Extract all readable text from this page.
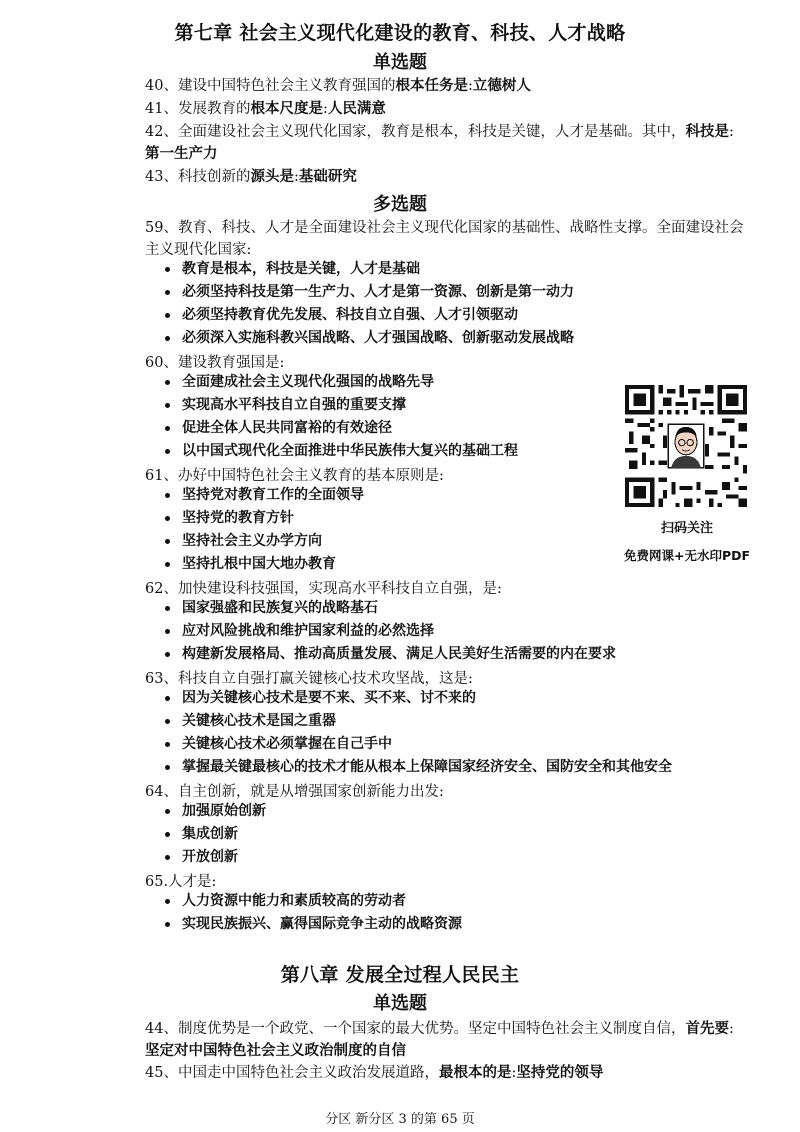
第七章 社会主义现代化建设的教育、科技、人才战略
单选题
40、建设中国特色社会主义教育强国的根本任务是:立德树人
41、发展教育的根本尺度是:人民满意
42、全面建设社会主义现代化国家，教育是根本，科技是关键，人才是基础。其中，科技是:
第一生产力
43、科技创新的源头是:基础研究
多选题
59、教育、科技、人才是全面建设社会主义现代化国家的基础性、战略性支撑。全面建设社会
主义现代化国家:
教育是根本，科技是关键，人才是基础
必须坚持科技是第一生产力、人才是第一资源、创新是第一动力
必须坚持教育优先发展、科技自立自强、人才引领驱动
必须深入实施科教兴国战略、人才强国战略、创新驱动发展战略
60、建设教育强国是:
全面建成社会主义现代化强国的战略先导
实现高水平科技自立自强的重要支撑
促进全体人民共同富裕的有效途径
以中国式现代化全面推进中华民族伟大复兴的基础工程
61、办好中国特色社会主义教育的基本原则是:
坚持党对教育工作的全面领导
坚持党的教育方针
坚持社会主义办学方向
坚持扎根中国大地办教育
62、加快建设科技强国，实现高水平科技自立自强，是:
国家强盛和民族复兴的战略基石
应对风险挑战和维护国家利益的必然选择
构建新发展格局、推动高质量发展、满足人民美好生活需要的内在要求
63、科技自立自强打赢关键核心技术攻坚战，这是:
因为关键核心技术是要不来、买不来、讨不来的
关键核心技术是国之重器
关键核心技术必须掌握在自己手中
掌握最关键最核心的技术才能从根本上保障国家经济安全、国防安全和其他安全
64、自主创新，就是从增强国家创新能力出发:
加强原始创新
集成创新
开放创新
65.人才是:
人力资源中能力和素质较高的劳动者
实现民族振兴、赢得国际竞争主动的战略资源
第八章 发展全过程人民民主
单选题
44、制度优势是一个政党、一个国家的最大优势。坚定中国特色社会主义制度自信，首先要:
坚定对中国特色社会主义政治制度的自信
45、中国走中国特色社会主义政治发展道路，最根本的是:坚持党的领导
扫码关注
免费网课+无水印PDF
分区 新分区 3 的第 65 页
